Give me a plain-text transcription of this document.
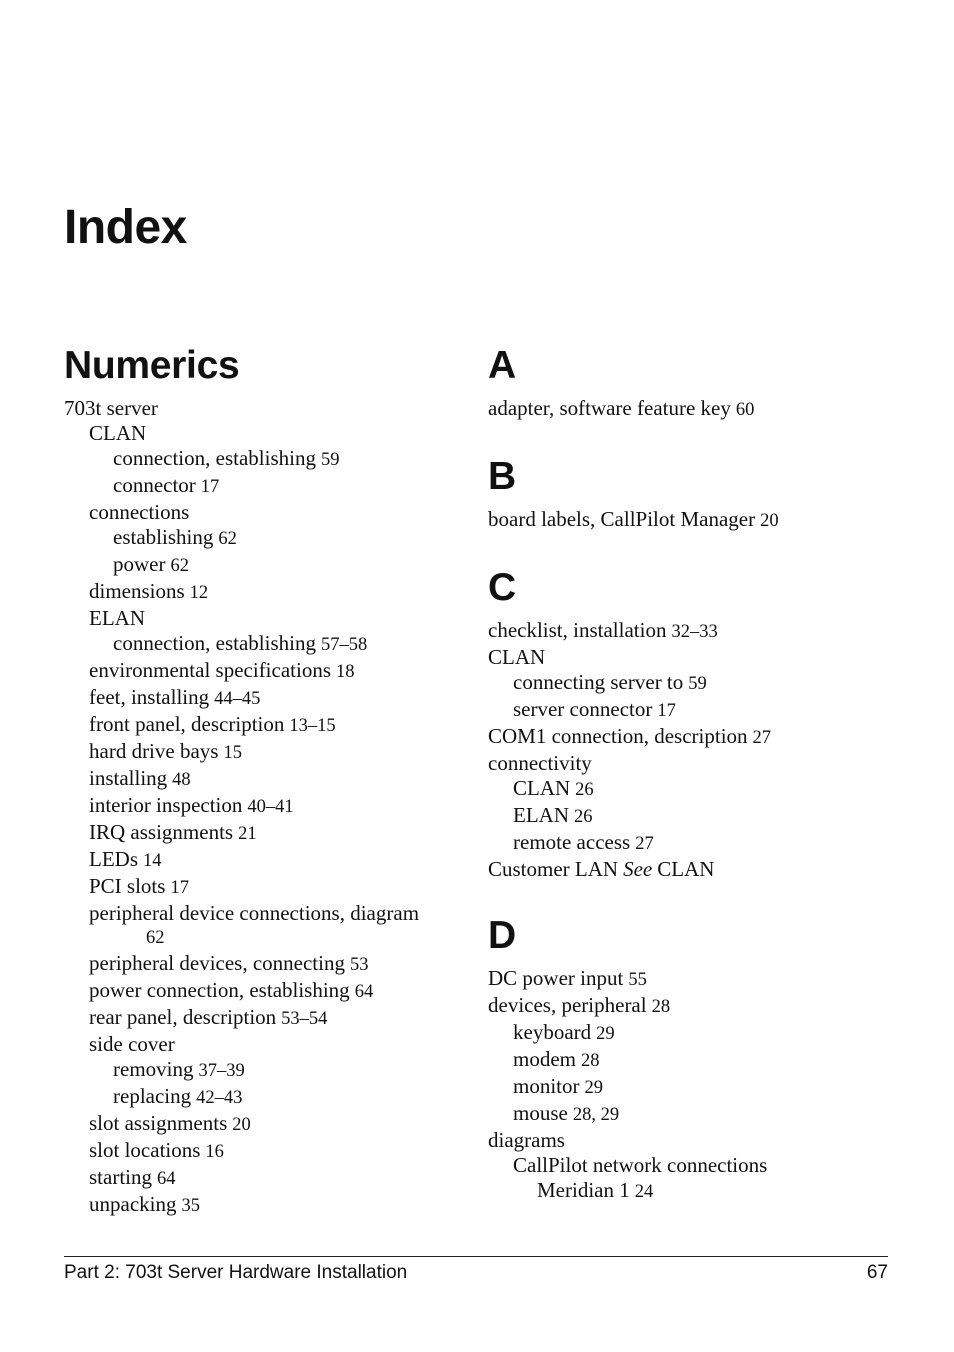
Index
Numerics
703t server
CLAN
connection, establishing 59
connector 17
connections
establishing 62
power 62
dimensions 12
ELAN
connection, establishing 57–58
environmental specifications 18
feet, installing 44–45
front panel, description 13–15
hard drive bays 15
installing 48
interior inspection 40–41
IRQ assignments 21
LEDs 14
PCI slots 17
peripheral device connections, diagram
62
peripheral devices, connecting 53
power connection, establishing 64
rear panel, description 53–54
side cover
removing 37–39
replacing 42–43
slot assignments 20
slot locations 16
starting 64
unpacking 35
A
adapter, software feature key 60
B
board labels, CallPilot Manager 20
C
checklist, installation 32–33
CLAN
connecting server to 59
server connector 17
COM1 connection, description 27
connectivity
CLAN 26
ELAN 26
remote access 27
Customer LAN See CLAN
D
DC power input 55
devices, peripheral 28
keyboard 29
modem 28
monitor 29
mouse 28, 29
diagrams
CallPilot network connections
Meridian 1 24
Part 2: 703t Server Hardware Installation	67
